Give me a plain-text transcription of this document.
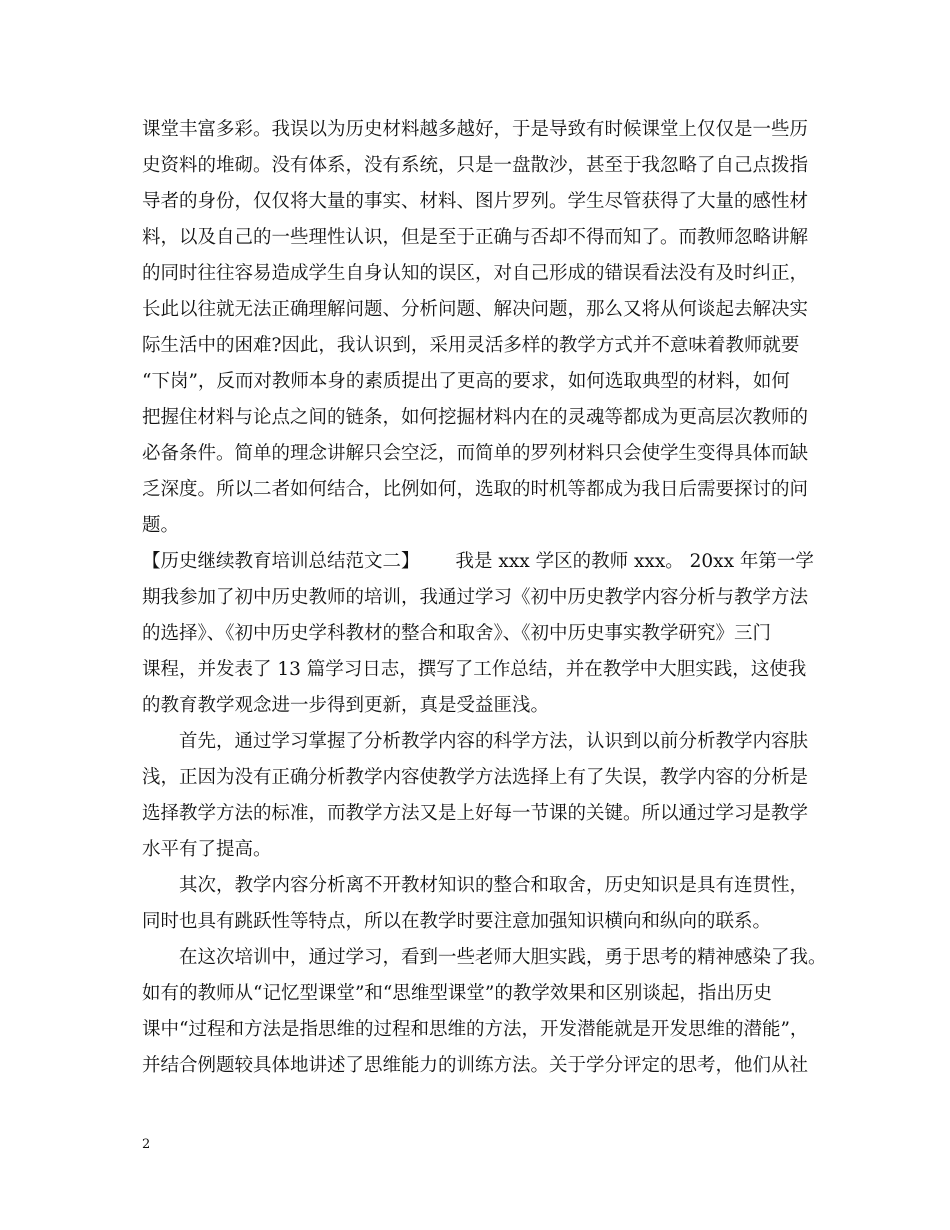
课堂丰富多彩。我误以为历史材料越多越好，于是导致有时候课堂上仅仅是一些历
史资料的堆砌。没有体系，没有系统，只是一盘散沙，甚至于我忽略了自己点拨指
导者的身份，仅仅将大量的事实、材料、图片罗列。学生尽管获得了大量的感性材
料，以及自己的一些理性认识，但是至于正确与否却不得而知了。而教师忽略讲解
的同时往往容易造成学生自身认知的误区，对自己形成的错误看法没有及时纠正，
长此以往就无法正确理解问题、分析问题、解决问题，那么又将从何谈起去解决实
际生活中的困难?因此，我认识到，采用灵活多样的教学方式并不意味着教师就要
“下岗”，反而对教师本身的素质提出了更高的要求，如何选取典型的材料，如何
把握住材料与论点之间的链条，如何挖掘材料内在的灵魂等都成为更高层次教师的
必备条件。简单的理念讲解只会空泛，而简单的罗列材料只会使学生变得具体而缺
乏深度。所以二者如何结合，比例如何，选取的时机等都成为我日后需要探讨的问
题。
【历史继续教育培训总结范文二】 我是 xxx 学区的教师 xxx。 20xx 年第一学
期我参加了初中历史教师的培训，我通过学习《初中历史教学内容分析与教学方法
的选择》、《初中历史学科教材的整合和取舍》、《初中历史事实教学研究》三门
课程，并发表了 13 篇学习日志，撰写了工作总结，并在教学中大胆实践，这使我
的教育教学观念进一步得到更新，真是受益匪浅。
　　首先，通过学习掌握了分析教学内容的科学方法，认识到以前分析教学内容肤
浅，正因为没有正确分析教学内容使教学方法选择上有了失误，教学内容的分析是
选择教学方法的标准，而教学方法又是上好每一节课的关键。所以通过学习是教学
水平有了提高。
　　其次，教学内容分析离不开教材知识的整合和取舍，历史知识是具有连贯性，
同时也具有跳跃性等特点，所以在教学时要注意加强知识横向和纵向的联系。
　　在这次培训中，通过学习，看到一些老师大胆实践，勇于思考的精神感染了我。
如有的教师从“记忆型课堂”和“思维型课堂”的教学效果和区别谈起，指出历史
课中“过程和方法是指思维的过程和思维的方法，开发潜能就是开发思维的潜能”，
并结合例题较具体地讲述了思维能力的训练方法。关于学分评定的思考，他们从社
2
